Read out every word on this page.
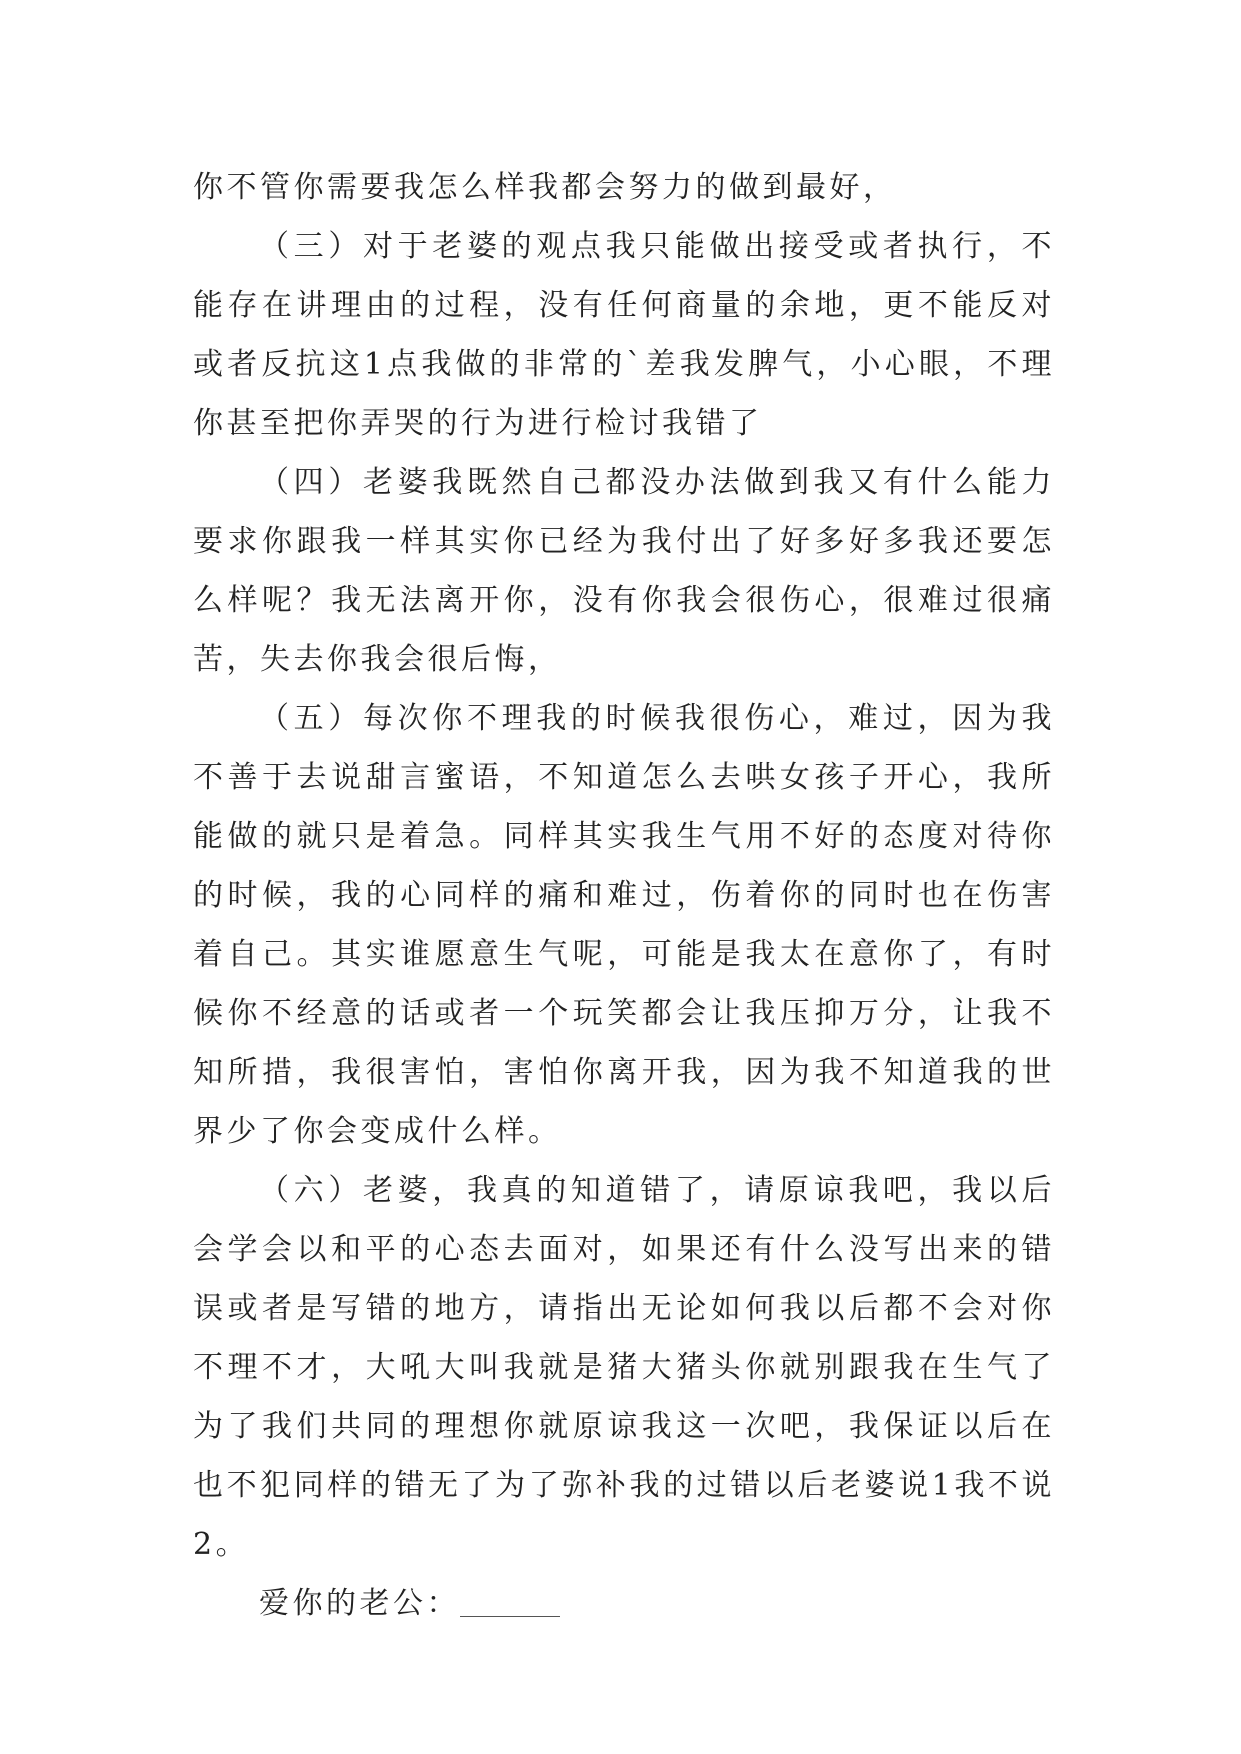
你不管你需要我怎么样我都会努力的做到最好，

（三）对于老婆的观点我只能做出接受或者执行，不能存在讲理由的过程，没有任何商量的余地，更不能反对或者反抗这1点我做的非常的`差我发脾气，小心眼，不理你甚至把你弄哭的行为进行检讨我错了

（四）老婆我既然自己都没办法做到我又有什么能力要求你跟我一样其实你已经为我付出了好多好多我还要怎么样呢？我无法离开你，没有你我会很伤心，很难过很痛苦，失去你我会很后悔，

（五）每次你不理我的时候我很伤心，难过，因为我不善于去说甜言蜜语，不知道怎么去哄女孩子开心，我所能做的就只是着急。同样其实我生气用不好的态度对待你的时候，我的心同样的痛和难过，伤着你的同时也在伤害着自己。其实谁愿意生气呢，可能是我太在意你了，有时候你不经意的话或者一个玩笑都会让我压抑万分，让我不知所措，我很害怕，害怕你离开我，因为我不知道我的世界少了你会变成什么样。

（六）老婆，我真的知道错了，请原谅我吧，我以后会学会以和平的心态去面对，如果还有什么没写出来的错误或者是写错的地方，请指出无论如何我以后都不会对你不理不才，大吼大叫我就是猪大猪头你就别跟我在生气了为了我们共同的理想你就原谅我这一次吧，我保证以后在也不犯同样的错无了为了弥补我的过错以后老婆说1我不说2。

爱你的老公：
